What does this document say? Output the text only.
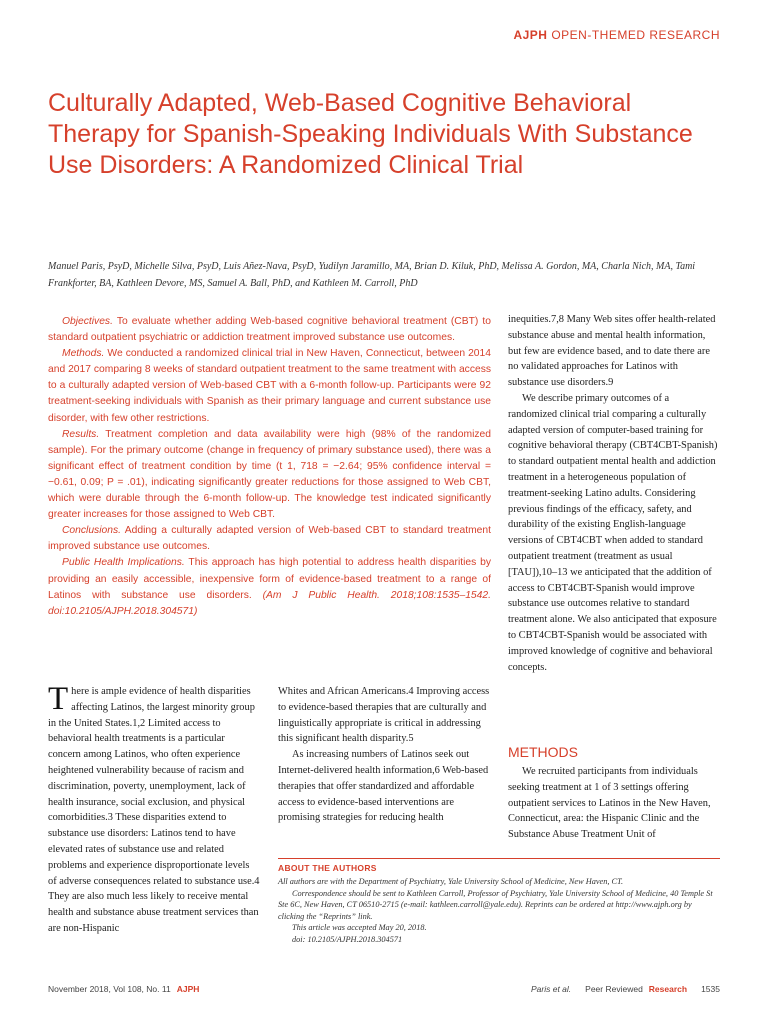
AJPH OPEN-THEMED RESEARCH
Culturally Adapted, Web-Based Cognitive Behavioral Therapy for Spanish-Speaking Individuals With Substance Use Disorders: A Randomized Clinical Trial
Manuel Paris, PsyD, Michelle Silva, PsyD, Luis Añez-Nava, PsyD, Yudilyn Jaramillo, MA, Brian D. Kiluk, PhD, Melissa A. Gordon, MA, Charla Nich, MA, Tami Frankforter, BA, Kathleen Devore, MS, Samuel A. Ball, PhD, and Kathleen M. Carroll, PhD

Objectives. To evaluate whether adding Web-based cognitive behavioral treatment (CBT) to standard outpatient psychiatric or addiction treatment improved substance use outcomes.

Methods. We conducted a randomized clinical trial in New Haven, Connecticut, between 2014 and 2017 comparing 8 weeks of standard outpatient treatment to the same treatment with access to a culturally adapted version of Web-based CBT with a 6-month follow-up. Participants were 92 treatment-seeking individuals with Spanish as their primary language and current substance use disorder, with few other restrictions.

Results. Treatment completion and data availability were high (98% of the randomized sample). For the primary outcome (change in frequency of primary substance used), there was a significant effect of treatment condition by time (t 1, 718 = −2.64; 95% confidence interval = −0.61, 0.09; P = .01), indicating significantly greater reductions for those assigned to Web CBT, which were durable through the 6-month follow-up. The knowledge test indicated significantly greater increases for those assigned to Web CBT.

Conclusions. Adding a culturally adapted version of Web-based CBT to standard treatment improved substance use outcomes.

Public Health Implications. This approach has high potential to address health disparities by providing an easily accessible, inexpensive form of evidence-based treatment to a range of Latinos with substance use disorders. (Am J Public Health. 2018;108:1535–1542. doi:10.2105/AJPH.2018.304571)

inequities.7,8 Many Web sites offer health-related substance abuse and mental health information, but few are evidence based, and to date there are no validated approaches for Latinos with substance use disorders.9

We describe primary outcomes of a randomized clinical trial comparing a culturally adapted version of computer-based training for cognitive behavioral therapy (CBT4CBT-Spanish) to standard outpatient mental health and addiction treatment in a heterogeneous population of treatment-seeking Latino adults. Considering previous findings of the efficacy, safety, and durability of the existing English-language versions of CBT4CBT when added to standard outpatient treatment (treatment as usual [TAU]),10–13 we anticipated that the addition of access to CBT4CBT-Spanish would improve substance use outcomes relative to standard treatment alone. We also anticipated that exposure to CBT4CBT-Spanish would be associated with improved knowledge of cognitive and behavioral concepts.

METHODS

We recruited participants from individuals seeking treatment at 1 of 3 settings offering outpatient services to Latinos in the New Haven, Connecticut, area: the Hispanic Clinic and the Substance Abuse Treatment Unit of

T here is ample evidence of health disparities affecting Latinos, the largest minority group in the United States.1,2 Limited access to behavioral health treatments is a particular concern among Latinos, who often experience heightened vulnerability because of racism and discrimination, poverty, unemployment, lack of health insurance, social exclusion, and physical comorbidities.3 These disparities extend to substance use disorders: Latinos tend to have elevated rates of substance use and related problems and experience disproportionate levels of adverse consequences related to substance use.4 They are also much less likely to receive mental health and substance abuse treatment services than are non-Hispanic

Whites and African Americans.4 Improving access to evidence-based therapies that are culturally and linguistically appropriate is critical in addressing this significant health disparity.5

As increasing numbers of Latinos seek out Internet-delivered health information,6 Web-based therapies that offer standardized and affordable access to evidence-based interventions are promising strategies for reducing health

ABOUT THE AUTHORS

All authors are with the Department of Psychiatry, Yale University School of Medicine, New Haven, CT.

Correspondence should be sent to Kathleen Carroll, Professor of Psychiatry, Yale University School of Medicine, 40 Temple St Ste 6C, New Haven, CT 06510-2715 (e-mail: kathleen.carroll@yale.edu). Reprints can be ordered at http://www.ajph.org by clicking the “Reprints” link.

This article was accepted May 20, 2018.

doi: 10.2105/AJPH.2018.304571

November 2018, Vol 108, No. 11 AJPH	Paris et al. Peer Reviewed Research 1535
